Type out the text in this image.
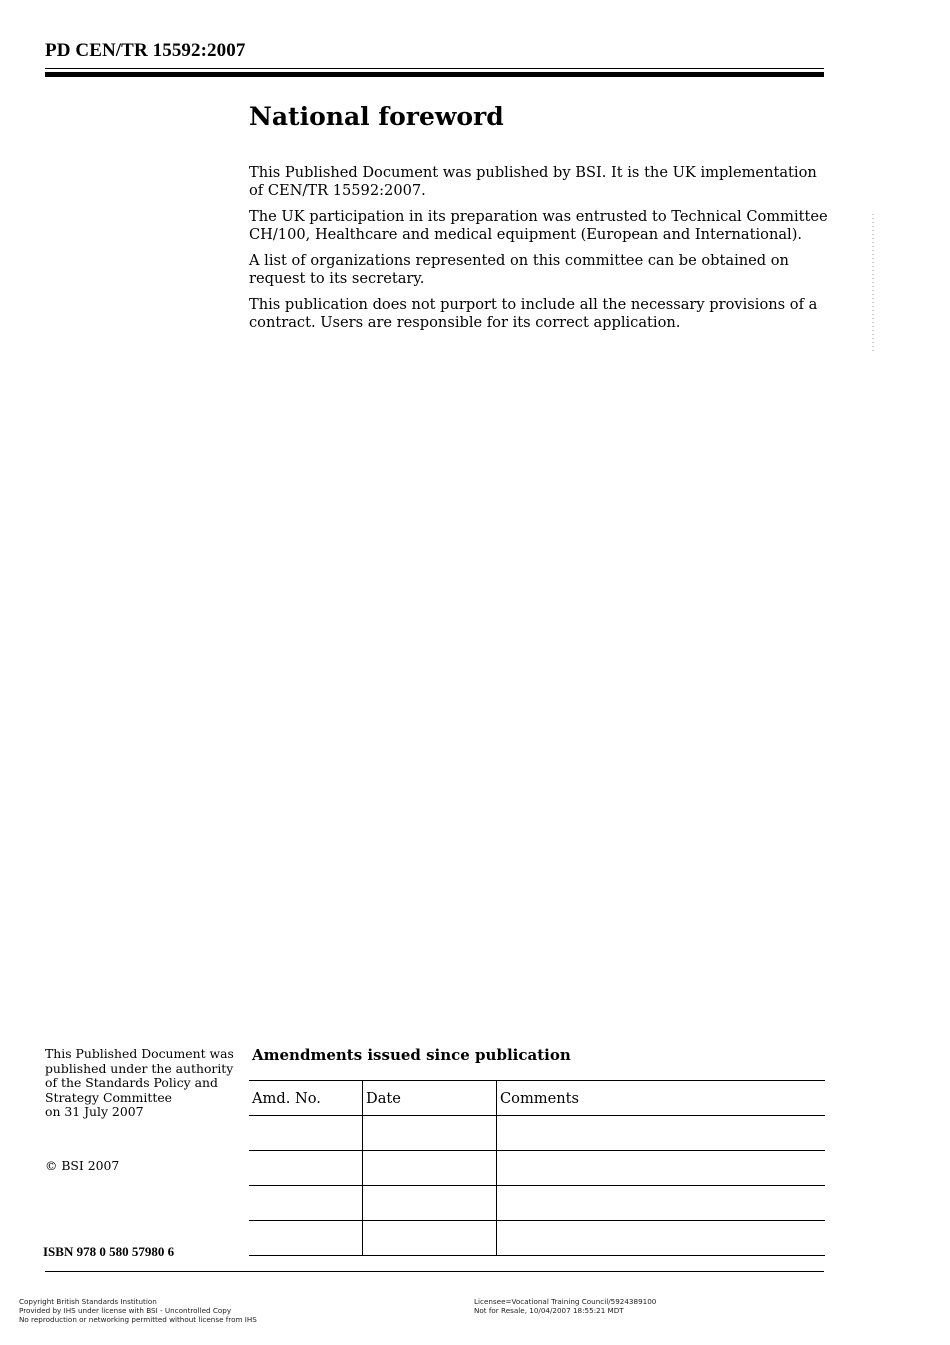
PD CEN/TR 15592:2007
National foreword

This Published Document was published by BSI. It is the UK implementation of CEN/TR 15592:2007.

The UK participation in its preparation was entrusted to Technical Committee CH/100, Healthcare and medical equipment (European and International).

A list of organizations represented on this committee can be obtained on request to its secretary.

This publication does not purport to include all the necessary provisions of a contract. Users are responsible for its correct application.

This Published Document was
published under the authority
of the Standards Policy and
Strategy Committee
on 31 July 2007
© BSI 2007
ISBN 978 0 580 57980 6
Amendments issued since publication
Amd. No.	Date	Comments

Copyright British Standards Institution
Provided by IHS under license with BSI - Uncontrolled Copy
No reproduction or networking permitted without license from IHS
Licensee=Vocational Training Council/5924389100
Not for Resale, 10/04/2007 18:55:21 MDT
